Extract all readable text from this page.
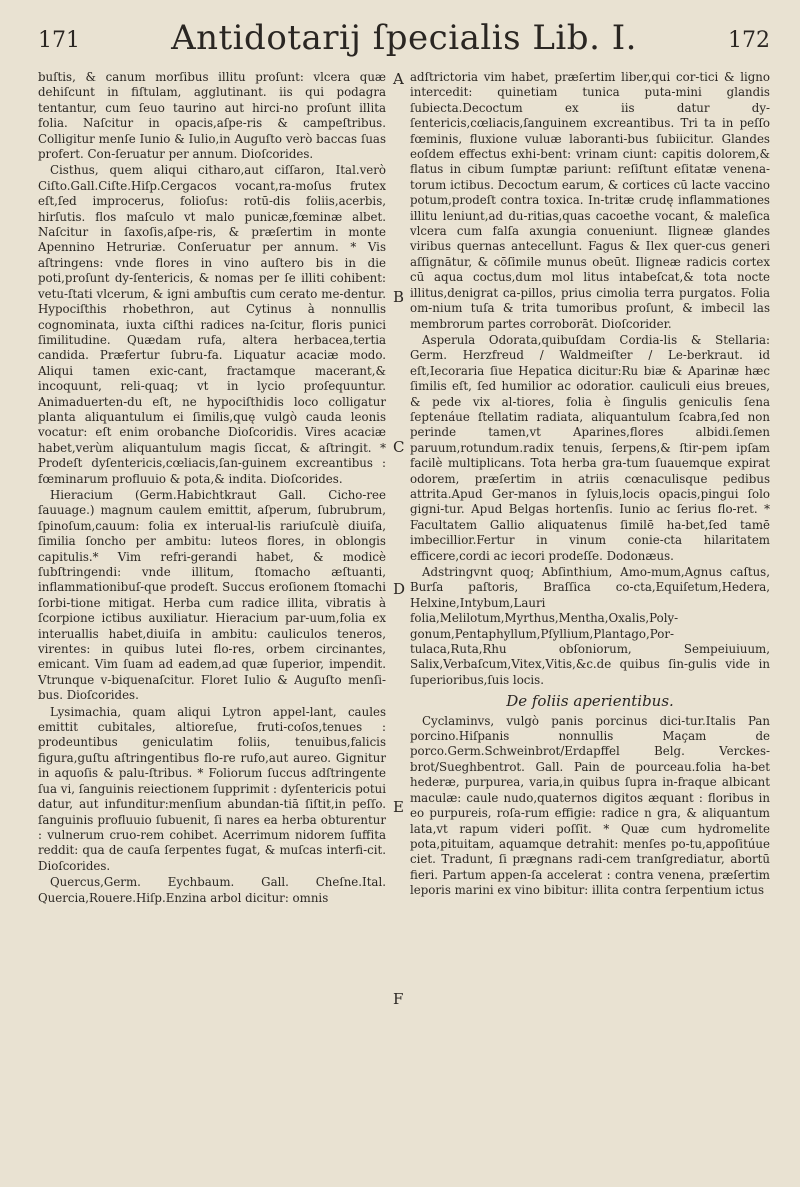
171	Antidotarij ſpecialis Lib. I.	172
A
B
C
D
E
F

buſtis, & canum morſibus illitu proſunt: vlcera quæ dehiſcunt in fiſtulam, agglutinant. iis qui podagra tentantur, cum ſeuo taurino aut hirci-no proſunt illita folia. Naſcitur in opacis,aſpe-ris & campeſtribus. Colligitur menſe Iunio & Iulio,in Auguſto verò baccas ſuas profert. Con-ſeruatur per annum. Dioſcorides.

Cisthus, quem aliqui citharo,aut ciſſaron, Ital.verò Ciſto.Gall.Ciſte.Hiſp.Cergacos vocant,ra-moſus frutex eſt,ſed improcerus, folioſus: rotū-dis foliis,acerbis, hirſutis. flos maſculo vt malo punicæ,fœminæ albet. Naſcitur in ſaxoſis,aſpe-ris, & præſertim in monte Apennino Hetruriæ. Conſeruatur per annum. * Vis aſtringens: vnde flores in vino auſtero bis in die poti,proſunt dy-ſentericis, & nomas per ſe illiti cohibent: vetu-ſtati vlcerum, & igni ambuſtis cum cerato me-dentur. Hypociſthis rhobethron, aut Cytinus à nonnullis cognominata, iuxta ciſthi radices na-ſcitur, floris punici ſimilitudine. Quædam rufa, altera herbacea,tertia candida. Præfertur ſubru-fa. Liquatur acaciæ modo. Aliqui tamen exic-cant, fractamque macerant,& incoquunt, reli-quaq; vt in lycio proſequuntur. Animaduerten-du eſt, ne hypociſthidis loco colligatur planta aliquantulum ei ſimilis,quę vulgò cauda leonis vocatur: eſt enim orobanche Dioſcoridis. Vires acaciæ habet,verùm aliquantulum magis ſiccat, & aſtringit. * Prodeſt dyſentericis,cœliacis,ſan-guinem excreantibus : fœminarum profluuio & pota,& indita. Dioſcorides.

Hieracium (Germ.Habichtkraut Gall. Cicho-ree ſauuage.) magnum caulem emittit, aſperum, ſubrubrum, ſpinoſum,cauum: folia ex interual-lis rariuſculè diuiſa, ſimilia ſoncho per ambitu: luteos flores, in oblongis capitulis.* Vim refri-gerandi habet, & modicè ſubſtringendi: vnde illitum, ſtomacho æſtuanti, inflammationibuſ-que prodeſt. Succus eroſionem ſtomachi ſorbi-tione mitigat. Herba cum radice illita, vibratis à ſcorpione ictibus auxiliatur. Hieracium par-uum,folia ex interuallis habet,diuiſa in ambitu: cauliculos teneros, virentes: in quibus lutei flo-res, orbem circinantes, emicant. Vim ſuam ad eadem,ad quæ ſuperior, impendit. Vtrunque v-biquenaſcitur. Floret Iulio & Auguſto menſi-bus. Dioſcorides.

Lysimachia, quam aliqui Lytron appel-lant, caules emittit cubitales, altioreſue, fruti-coſos,tenues : prodeuntibus geniculatim foliis, tenuibus,falicis figura,guſtu aſtringentibus flo-re rufo,aut aureo. Gignitur in aquoſis & palu-ſtribus. * Foliorum ſuccus adſtringente ſua vi, ſanguinis reiectionem ſupprimit : dyſentericis potui datur, aut infunditur:menſium abundan-tiā ſiſtit,in peſſo. ſanguinis profluuio ſubuenit, ſi nares ea herba obturentur : vulnerum cruo-rem cohibet. Acerrimum nidorem ſuffita reddit: qua de cauſa ſerpentes fugat, & muſcas interfi-cit. Dioſcorides.

Quercus,Germ. Eychbaum. Gall. Cheſne.Ital. Quercia,Rouere.Hiſp.Enzina arbol dicitur: omnis

adſtrictoria vim habet, præſertim liber,qui cor-tici & ligno intercedit: quinetiam tunica puta-mini glandis ſubiecta.Decoctum ex iis datur dy-ſentericis,cœliacis,ſanguinem excreantibus. Tri ta in peſſo fœminis, fluxione vuluæ laboranti-bus ſubiicitur. Glandes eoſdem effectus exhi-bent: vrinam ciunt: capitis dolorem,& flatus in cibum ſumptæ pariunt: reſiſtunt eſitatæ venena-torum ictibus. Decoctum earum, & cortices cū lacte vaccino potum,prodeſt contra toxica. In-tritæ crudę inflammationes illitu leniunt,ad du-ritias,quas cacoethe vocant, & maleſica vlcera cum falſa axungia conueniunt. Iligneæ glandes viribus quernas antecellunt. Fagus & Ilex quer-cus generi aſſignātur, & cōſimile munus obeūt. Iligneæ radicis cortex cū aqua coctus,dum mol litus intabeſcat,& tota nocte illitus,denigrat ca-pillos, prius cimolia terra purgatos. Folia om-nium tuſa & trita tumoribus proſunt, & imbecil las membrorum partes corroborāt. Dioſcorider.

Asperula Odorata,quibuſdam Cordia-lis & Stellaria: Germ. Herzfreud / Waldmeiſter / Le-berkraut. id eſt,Iecoraria ſiue Hepatica dicitur:Ru biæ & Aparinæ hæc ſimilis eſt, ſed humilior ac odoratior. cauliculi eius breues, & pede vix al-tiores, folia è ſingulis geniculis ſena ſeptenáue ſtellatim radiata, aliquantulum ſcabra,ſed non perinde tamen,vt Aparines,flores albidi.ſemen paruum,rotundum.radix tenuis, ſerpens,& ſtir-pem ipſam facilè multiplicans. Tota herba gra-tum ſuauemque expirat odorem, præſertim in atriis cœnaculisque pedibus attrita.Apud Ger-manos in ſyluis,locis opacis,pingui ſolo gigni-tur. Apud Belgas hortenſis. Iunio ac ſerius flo-ret. * Facultatem Gallio aliquatenus ſimilē ha-bet,ſed tamē imbecillior.Fertur in vinum conie-cta hilaritatem efficere,cordi ac iecori prodeſſe. Dodonæus.

Adstringvnt quoq; Abſinthium, Amo-mum,Agnus caſtus, Burſa paſtoris, Braſſica co-cta,Equiſetum,Hedera, Helxine,Intybum,Lauri folia,Melilotum,Myrthus,Mentha,Oxalis,Poly-gonum,Pentaphyllum,Pſyllium,Plantago,Por-tulaca,Ruta,Rhu obſoniorum, Sempeiuiuum, Salix,Verbaſcum,Vitex,Vitis,&c.de quibus ſin-gulis vide in ſuperioribus,ſuis locis.

De foliis aperientibus.

Cyclaminvs, vulgò panis porcinus dici-tur.Italis Pan porcino.Hiſpanis nonnullis Maçam de porco.Germ.Schweinbrot/Erdapffel Belg. Verckes-brot/Sueghbentrot. Gall. Pain de pourceau.folia ha-bet hederæ, purpurea, varia,in quibus ſupra in-fraque albicant maculæ: caule nudo,quaternos digitos æquant : floribus in eo purpureis, roſa-rum effigie: radice n gra, & aliquantum lata,vt rapum videri poſſit. * Quæ cum hydromelite pota,pituitam, aquamque detrahit: menſes po-tu,appoſitúue ciet. Tradunt, ſi prægnans radi-cem tranſgrediatur, abortū fieri. Partum appen-ſa accelerat : contra venena, præſertim leporis marini ex vino bibitur: illita contra ſerpentium ictus
